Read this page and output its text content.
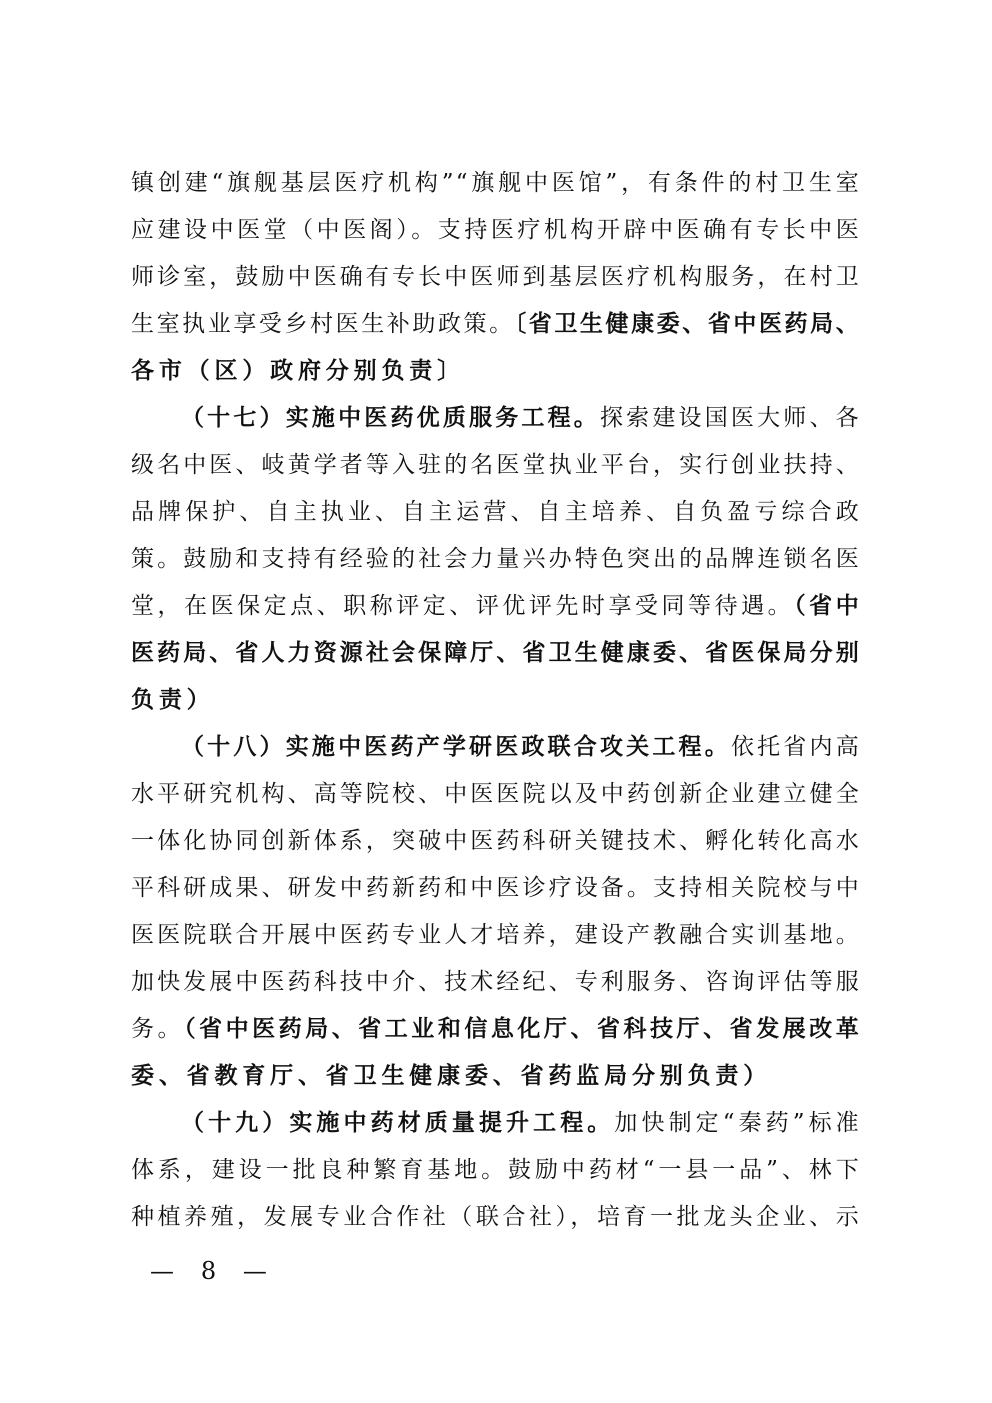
镇创建“旗舰基层医疗机构”“旗舰中医馆”，有条件的村卫生室
应建设中医堂（中医阁）。支持医疗机构开辟中医确有专长中医
师诊室，鼓励中医确有专长中医师到基层医疗机构服务，在村卫
生室执业享受乡村医生补助政策。〔省卫生健康委、省中医药局、
各市（区）政府分别负责〕
（十七）实施中医药优质服务工程。探索建设国医大师、各
级名中医、岐黄学者等入驻的名医堂执业平台，实行创业扶持、
品牌保护、自主执业、自主运营、自主培养、自负盈亏综合政
策。鼓励和支持有经验的社会力量兴办特色突出的品牌连锁名医
堂，在医保定点、职称评定、评优评先时享受同等待遇。（省中
医药局、省人力资源社会保障厅、省卫生健康委、省医保局分别
负责）
（十八）实施中医药产学研医政联合攻关工程。依托省内高
水平研究机构、高等院校、中医医院以及中药创新企业建立健全
一体化协同创新体系，突破中医药科研关键技术、孵化转化高水
平科研成果、研发中药新药和中医诊疗设备。支持相关院校与中
医医院联合开展中医药专业人才培养，建设产教融合实训基地。
加快发展中医药科技中介、技术经纪、专利服务、咨询评估等服
务。（省中医药局、省工业和信息化厅、省科技厅、省发展改革
委、省教育厅、省卫生健康委、省药监局分别负责）
（十九）实施中药材质量提升工程。加快制定“秦药”标准
体系，建设一批良种繁育基地。鼓励中药材“一县一品”、林下
种植养殖，发展专业合作社（联合社），培育一批龙头企业、示
— 8 —
